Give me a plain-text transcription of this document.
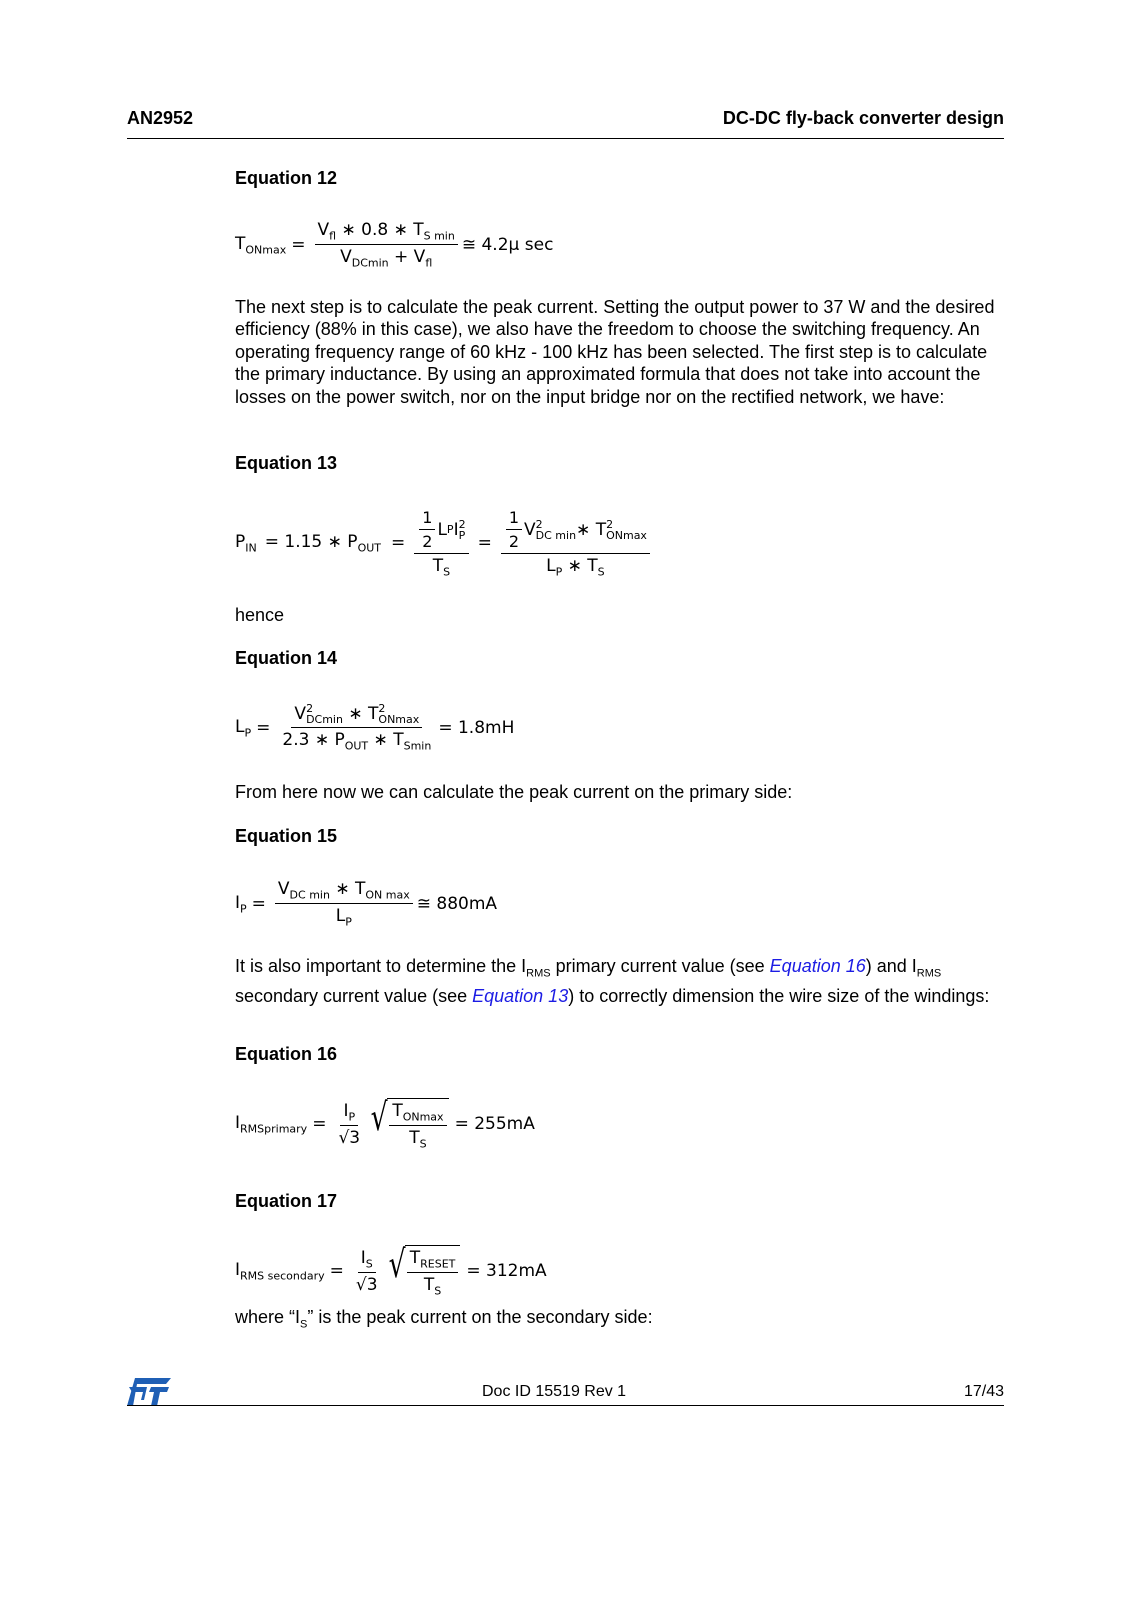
AN2952	DC-DC fly-back converter design
Equation 12
$T_{ONmax} = \frac{V_{fl} ∗ 0.8 ∗ T_{S min}}{V_{DCmin} + V_{fl}}$ ≅ 4.2μ sec
The next step is to calculate the peak current. Setting the output power to 37 W and the desired efficiency (88% in this case), we also have the freedom to choose the switching frequency. An operating frequency range of 60 kHz - 100 kHz has been selected. The first step is to calculate the primary inductance. By using an approximated formula that does not take into account the losses on the power switch, nor on the input bridge nor on the rectified network, we have:
Equation 13
$P_{IN} = 1.15$ ∗ $P_{OUT} = \frac{1}{2}$ L P I 2
P
$T_S = \frac{1}{2}$ V 2
DC min ∗ T 2
ONmax
$L_P$ ∗ $T_S$
hence
Equation 14
$L_P = V$ 2
DCmin ∗ T 2
ONmax
2.3 ∗ $P_{OUT}$ ∗ $T_{Smin} = 1.8mH$
From here now we can calculate the peak current on the primary side:
Equation 15
$I_P = \frac{V_{DC min} ∗ T_{ON max}}{L_P}$ ≅ 880mA
It is also important to determine the $I_{RMS}$ primary current value (see Equation 16) and $I_{RMS}$ secondary current value (see Equation 13) to correctly dimension the wire size of the windings:
Equation 16
$I_{RMSprimary} = \frac{I_P}{√3}$ √ $\frac{T_{ONmax}}{T_S} = 255mA$
Equation 17
$I_{RMS secondary} = \frac{I_S}{√3}$ √ $\frac{T_{RESET}}{T_S} = 312mA$
where “$I_S$” is the peak current on the secondary side:
Doc ID 15519 Rev 1	17/43
